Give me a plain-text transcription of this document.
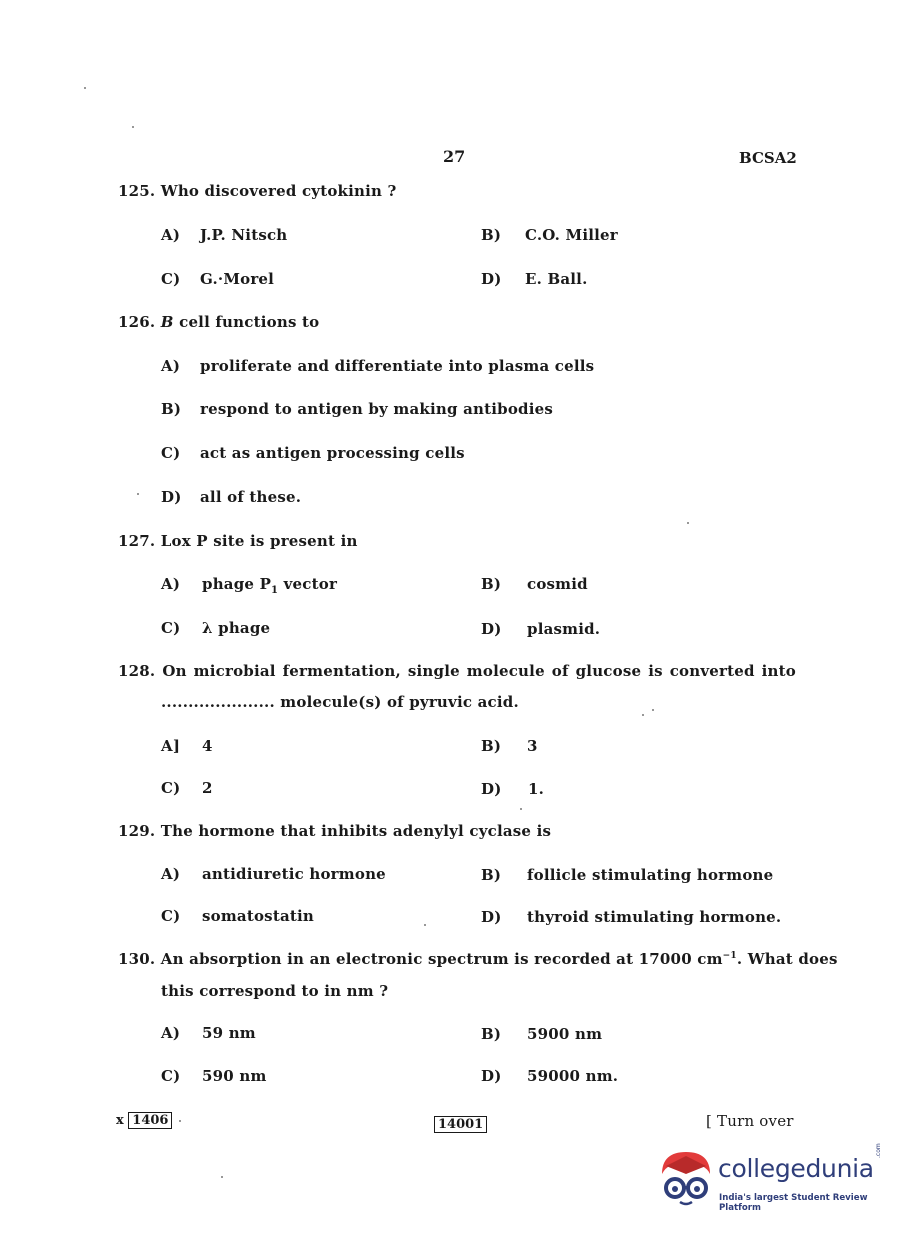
27	BCSA2
125. Who discovered cytokinin ?
A) J.P. Nitsch	B) C.O. Miller
C) G.·Morel	D) E. Ball.
126. B cell functions to
A) proliferate and differentiate into plasma cells
B) respond to antigen by making antibodies
C) act as antigen processing cells
D) all of these.
127. Lox P site is present in
A) phage $P_1$ vector	B) cosmid
C) λ phage	D) plasmid.
128. On microbial fermentation, single molecule of glucose is converted into
..................... molecule(s) of pyruvic acid.
A] 4	B) 3
C) 2	D) 1.
129. The hormone that inhibits adenylyl cyclase is
A) antidiuretic hormone	B) follicle stimulating hormone
C) somatostatin	D) thyroid stimulating hormone.
130. An absorption in an electronic spectrum is recorded at 17000 $cm^{-1}$. What does
this correspond to in nm ?
A) 59 nm	B) 5900 nm
C) 590 nm	D) 59000 nm.
x 1406	14001	[ Turn over
collegedunia
India's largest Student Review Platform
.com
